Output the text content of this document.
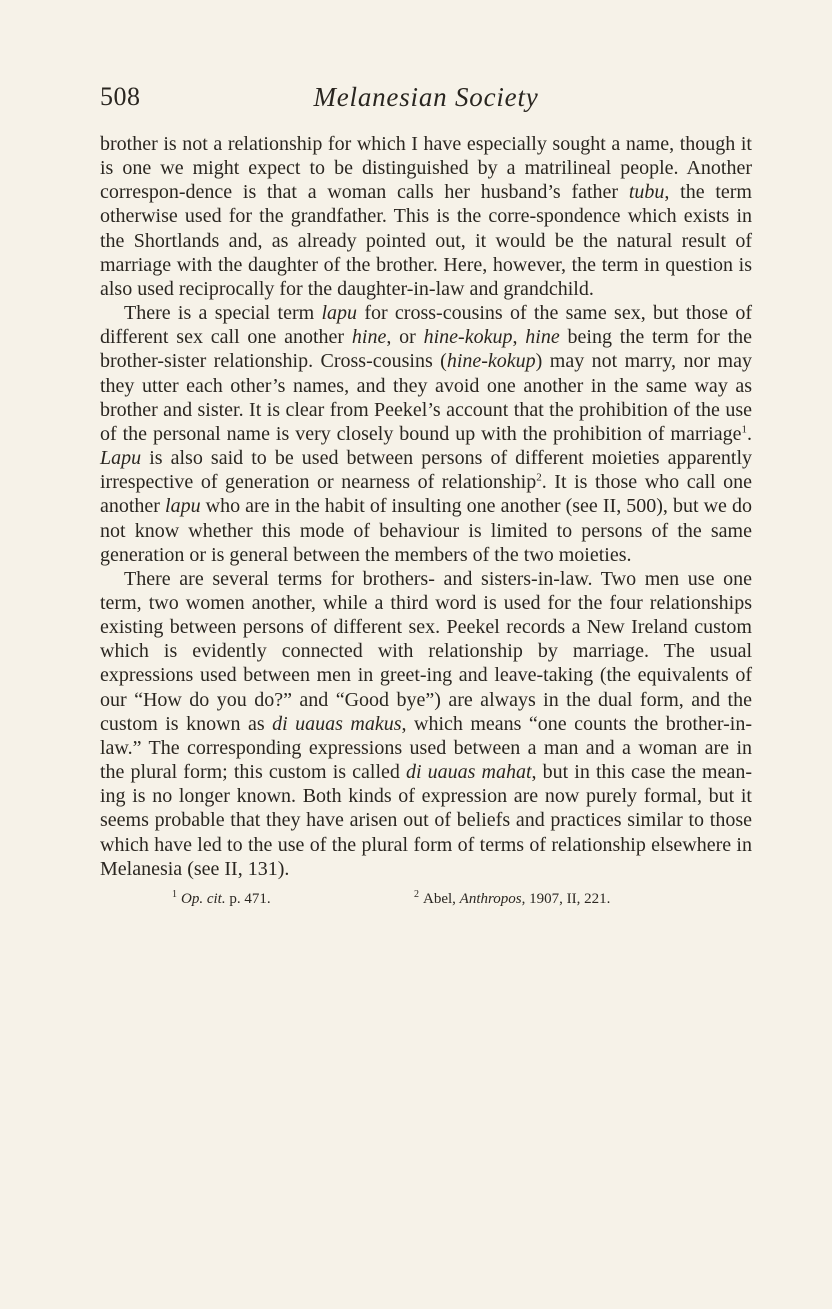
508	Melanesian Society

brother is not a relationship for which I have especially sought a name, though it is one we might expect to be distinguished by a matrilineal people. Another correspon-dence is that a woman calls her husband’s father tubu, the term otherwise used for the grandfather. This is the corre-spondence which exists in the Shortlands and, as already pointed out, it would be the natural result of marriage with the daughter of the brother. Here, however, the term in question is also used reciprocally for the daughter-in-law and grandchild.

There is a special term lapu for cross-cousins of the same sex, but those of different sex call one another hine, or hine-kokup, hine being the term for the brother-sister relationship. Cross-cousins (hine-kokup) may not marry, nor may they utter each other’s names, and they avoid one another in the same way as brother and sister. It is clear from Peekel’s account that the prohibition of the use of the personal name is very closely bound up with the prohibition of marriage$^1$. Lapu is also said to be used between persons of different moieties apparently irrespective of generation or nearness of relationship$^2$. It is those who call one another lapu who are in the habit of insulting one another (see II, 500), but we do not know whether this mode of behaviour is limited to persons of the same generation or is general between the members of the two moieties.

There are several terms for brothers- and sisters-in-law. Two men use one term, two women another, while a third word is used for the four relationships existing between persons of different sex. Peekel records a New Ireland custom which is evidently connected with relationship by marriage. The usual expressions used between men in greet-ing and leave-taking (the equivalents of our “How do you do?” and “Good bye”) are always in the dual form, and the custom is known as di uauas makus, which means “one counts the brother-in-law.” The corresponding expressions used between a man and a woman are in the plural form; this custom is called di uauas mahat, but in this case the mean-ing is no longer known. Both kinds of expression are now purely formal, but it seems probable that they have arisen out of beliefs and practices similar to those which have led to the use of the plural form of terms of relationship elsewhere in Melanesia (see II, 131).

$^1$ Op. cit. p. 471.	$^2$ Abel, Anthropos, 1907, II, 221.
